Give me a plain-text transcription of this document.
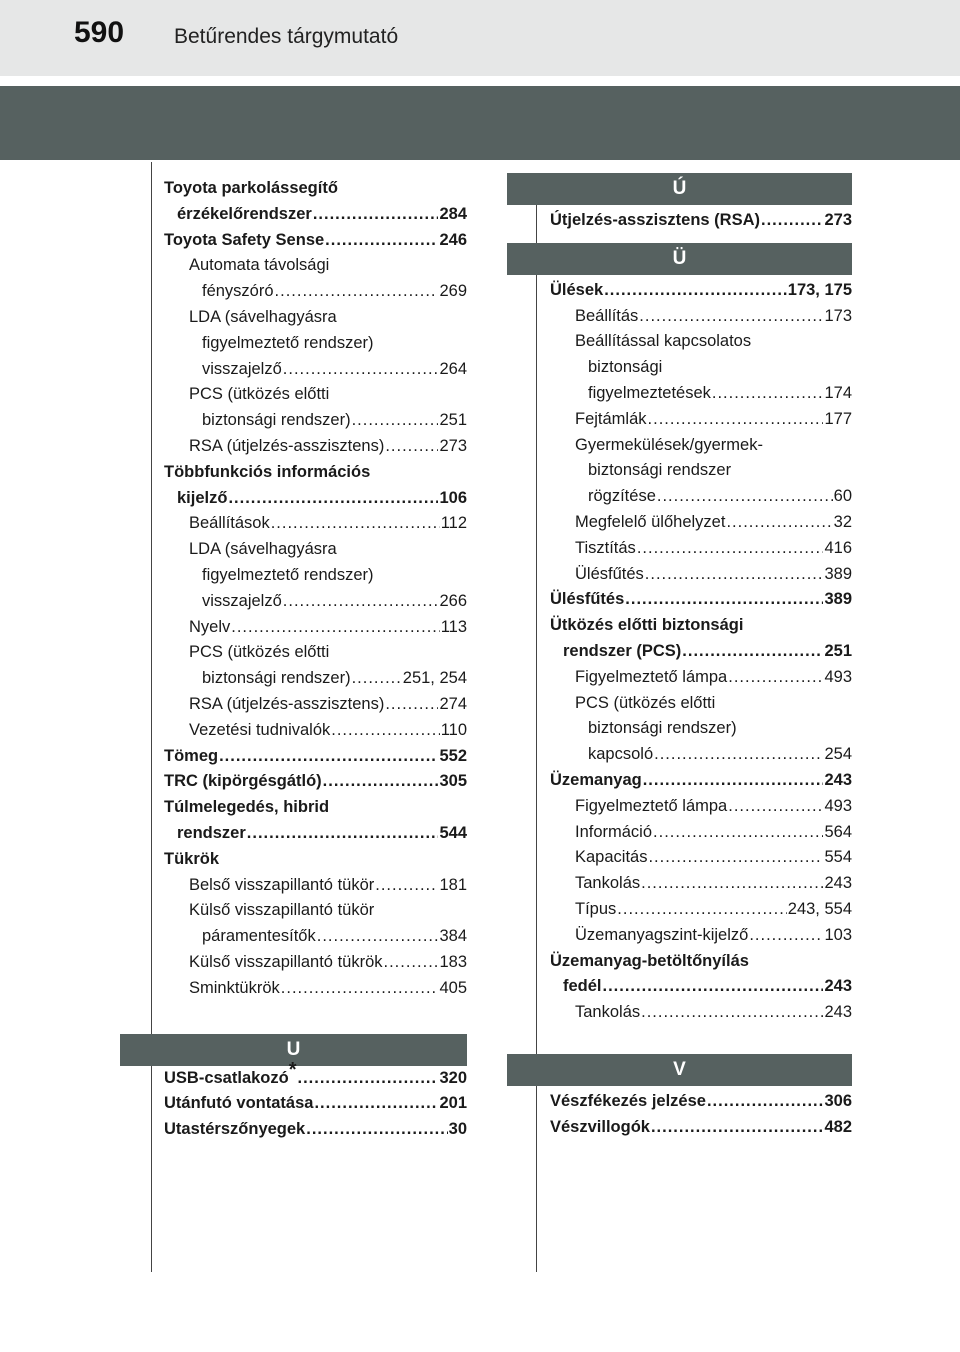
590 Betűrendes tárgymutató
Toyota parkolássegítő
érzékelőrendszer .....	284
Toyota Safety Sense .....	246
Automata távolsági
fényszóró .....	269
LDA (sávelhagyásra
figyelmeztető rendszer)
visszajelző .....	264
PCS (ütközés előtti
biztonsági rendszer) .....	251
RSA (útjelzés-asszisztens) .....	273
Többfunkciós információs
kijelző .....	106
Beállítások .....	112
LDA (sávelhagyásra
figyelmeztető rendszer)
visszajelző .....	266
Nyelv .....	113
PCS (ütközés előtti
biztonsági rendszer) .....	251, 254
RSA (útjelzés-asszisztens) .....	274
Vezetési tudnivalók .....	110
Tömeg .....	552
TRC (kipörgésgátló) .....	305
Túlmelegedés, hibrid
rendszer .....	544
Tükrök
Belső visszapillantó tükör .....	181
Külső visszapillantó tükör
páramentesítők .....	384
Külső visszapillantó tükrök .....	183
Sminktükrök .....	405
U
USB-csatlakozó* .....	320
Utánfutó vontatása .....	201
Utastérszőnyegek .....	30
Ú
Útjelzés-asszisztens (RSA) .....	273
Ü
Ülések .....	173, 175
Beállítás .....	173
Beállítással kapcsolatos
biztonsági
figyelmeztetések .....	174
Fejtámlák .....	177
Gyermekülések/gyermek-
biztonsági rendszer
rögzítése .....	60
Megfelelő ülőhelyzet .....	32
Tisztítás .....	416
Ülésfűtés .....	389
Ülésfűtés .....	389
Ütközés előtti biztonsági
rendszer (PCS) .....	251
Figyelmeztető lámpa .....	493
PCS (ütközés előtti
biztonsági rendszer)
kapcsoló .....	254
Üzemanyag .....	243
Figyelmeztető lámpa .....	493
Információ .....	564
Kapacitás .....	554
Tankolás .....	243
Típus .....	243, 554
Üzemanyagszint-kijelző .....	103
Üzemanyag-betöltőnyílás
fedél .....	243
Tankolás .....	243
V
Vészfékezés jelzése .....	306
Vészvillogók .....	482
